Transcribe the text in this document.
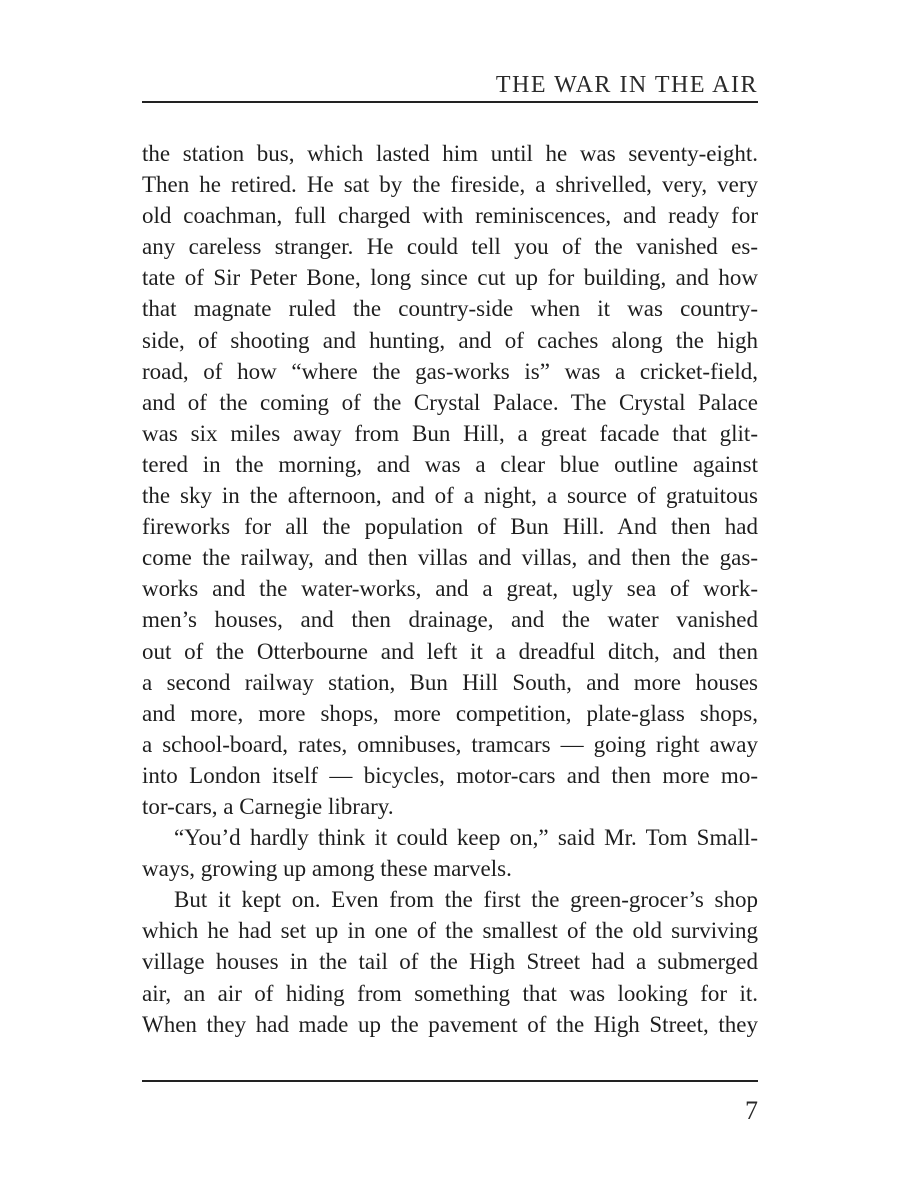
THE WAR IN THE AIR
the station bus, which lasted him until he was seventy-eight.
Then he retired. He sat by the fireside, a shrivelled, very, very
old coachman, full charged with reminiscences, and ready for
any careless stranger. He could tell you of the vanished es-
tate of Sir Peter Bone, long since cut up for building, and how
that magnate ruled the country-side when it was country-
side, of shooting and hunting, and of caches along the high
road, of how “where the gas-works is” was a cricket-field,
and of the coming of the Crystal Palace. The Crystal Palace
was six miles away from Bun Hill, a great facade that glit-
tered in the morning, and was a clear blue outline against
the sky in the afternoon, and of a night, a source of gratuitous
fireworks for all the population of Bun Hill. And then had
come the railway, and then villas and villas, and then the gas-
works and the water-works, and a great, ugly sea of work-
men’s houses, and then drainage, and the water vanished
out of the Otterbourne and left it a dreadful ditch, and then
a second railway station, Bun Hill South, and more houses
and more, more shops, more competition, plate-glass shops,
a school-board, rates, omnibuses, tramcars — going right away
into London itself — bicycles, motor-cars and then more mo-
tor-cars, a Carnegie library.
“You’d hardly think it could keep on,” said Mr. Tom Small-
ways, growing up among these marvels.
But it kept on. Even from the first the green-grocer’s shop
which he had set up in one of the smallest of the old surviving
village houses in the tail of the High Street had a submerged
air, an air of hiding from something that was looking for it.
When they had made up the pavement of the High Street, they
7
